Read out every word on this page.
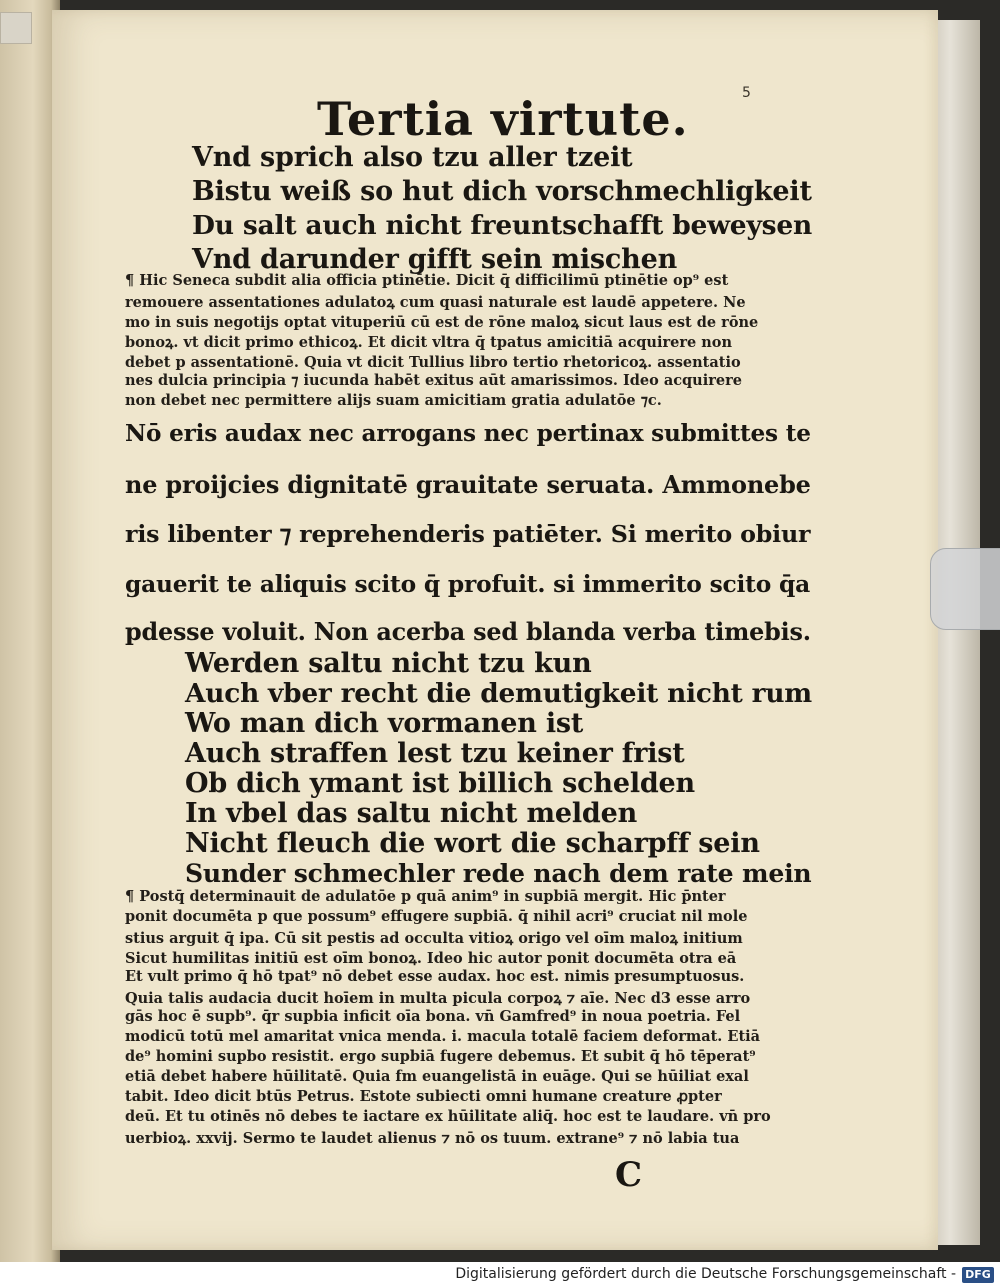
5
Tertia virtute.
Vnd sprich also tzu aller tzeit
Bistu weiß so hut dich vorschmechligkeit
Du salt auch nicht freuntschafft beweysen
Vnd darunder gifft sein mischen
¶ Hic Seneca subdit alia officia ptinētie. Dicit q̄ difficilimū ptinētie op⁹ est
remouere assentationes adulatoꝝ cum quasi naturale est laudē appetere. Ne
mo in suis negotijs optat vituperiū cū est de rōne maloꝝ sicut laus est de rōne
bonoꝝ. vt dicit primo ethicoꝝ. Et dicit vltra q̄ tpatus amicitiā acquirere non
debet p assentationē. Quia vt dicit Tullius libro tertio rhetoricoꝝ. assentatio
nes dulcia principia ⁊ iucunda habēt exitus aūt amarissimos. Ideo acquirere
non debet nec permittere alijs suam amicitiam gratia adulatōe ⁊c.
Nō eris audax nec arrogans nec pertinax submittes te
ne proijcies dignitatē grauitate seruata. Ammonebe
ris libenter ⁊ reprehenderis patiēter. Si merito obiur
gauerit te aliquis scito q̄ profuit. si immerito scito q̄a
pdesse voluit. Non acerba sed blanda verba timebis.
Werden saltu nicht tzu kun
Auch vber recht die demutigkeit nicht rum
Wo man dich vormanen ist
Auch straffen lest tzu keiner frist
Ob dich ymant ist billich schelden
In vbel das saltu nicht melden
Nicht fleuch die wort die scharpff sein
Sunder schmechler rede nach dem rate mein
¶ Postq̄ determinauit de adulatōe p quā anim⁹ in supbiā mergit. Hic p̄nter
ponit documēta p que possum⁹ effugere supbiā. q̄ nihil acri⁹ cruciat nil mole
stius arguit q̄ ipa. Cū sit pestis ad occulta vitioꝝ origo vel oīm maloꝝ initium
Sicut humilitas initiū est oīm bonoꝝ. Ideo hic autor ponit documēta otra eā
Et vult primo q̄ hō tpat⁹ nō debet esse audax. hoc est. nimis presumptuosus.
Quia talis audacia ducit hoīem in multa picula corpoꝝ ⁊ aīe. Nec d3 esse arro
gās hoc ē supb⁹. q̄r supbia inficit oīa bona. vn̄ Gamfred⁹ in noua poetria. Fel
modicū totū mel amaritat vnica menda. i. macula totalē faciem deformat. Etiā
de⁹ homini supbo resistit. ergo supbiā fugere debemus. Et subit q̄ hō tēperat⁹
etiā debet habere hūilitatē. Quia fm euangelistā in euāge. Qui se hūiliat exal
tabit. Ideo dicit btūs Petrus. Estote subiecti omni humane creature ꝓpter
deū. Et tu otinēs nō debes te iactare ex hūilitate aliq̄. hoc est te laudare. vn̄ pro
uerbioꝝ. xxvij. Sermo te laudet alienus ⁊ nō os tuum. extrane⁹ ⁊ nō labia tua
C
Digitalisierung gefördert durch die Deutsche Forschungsgemeinschaft - DFG
